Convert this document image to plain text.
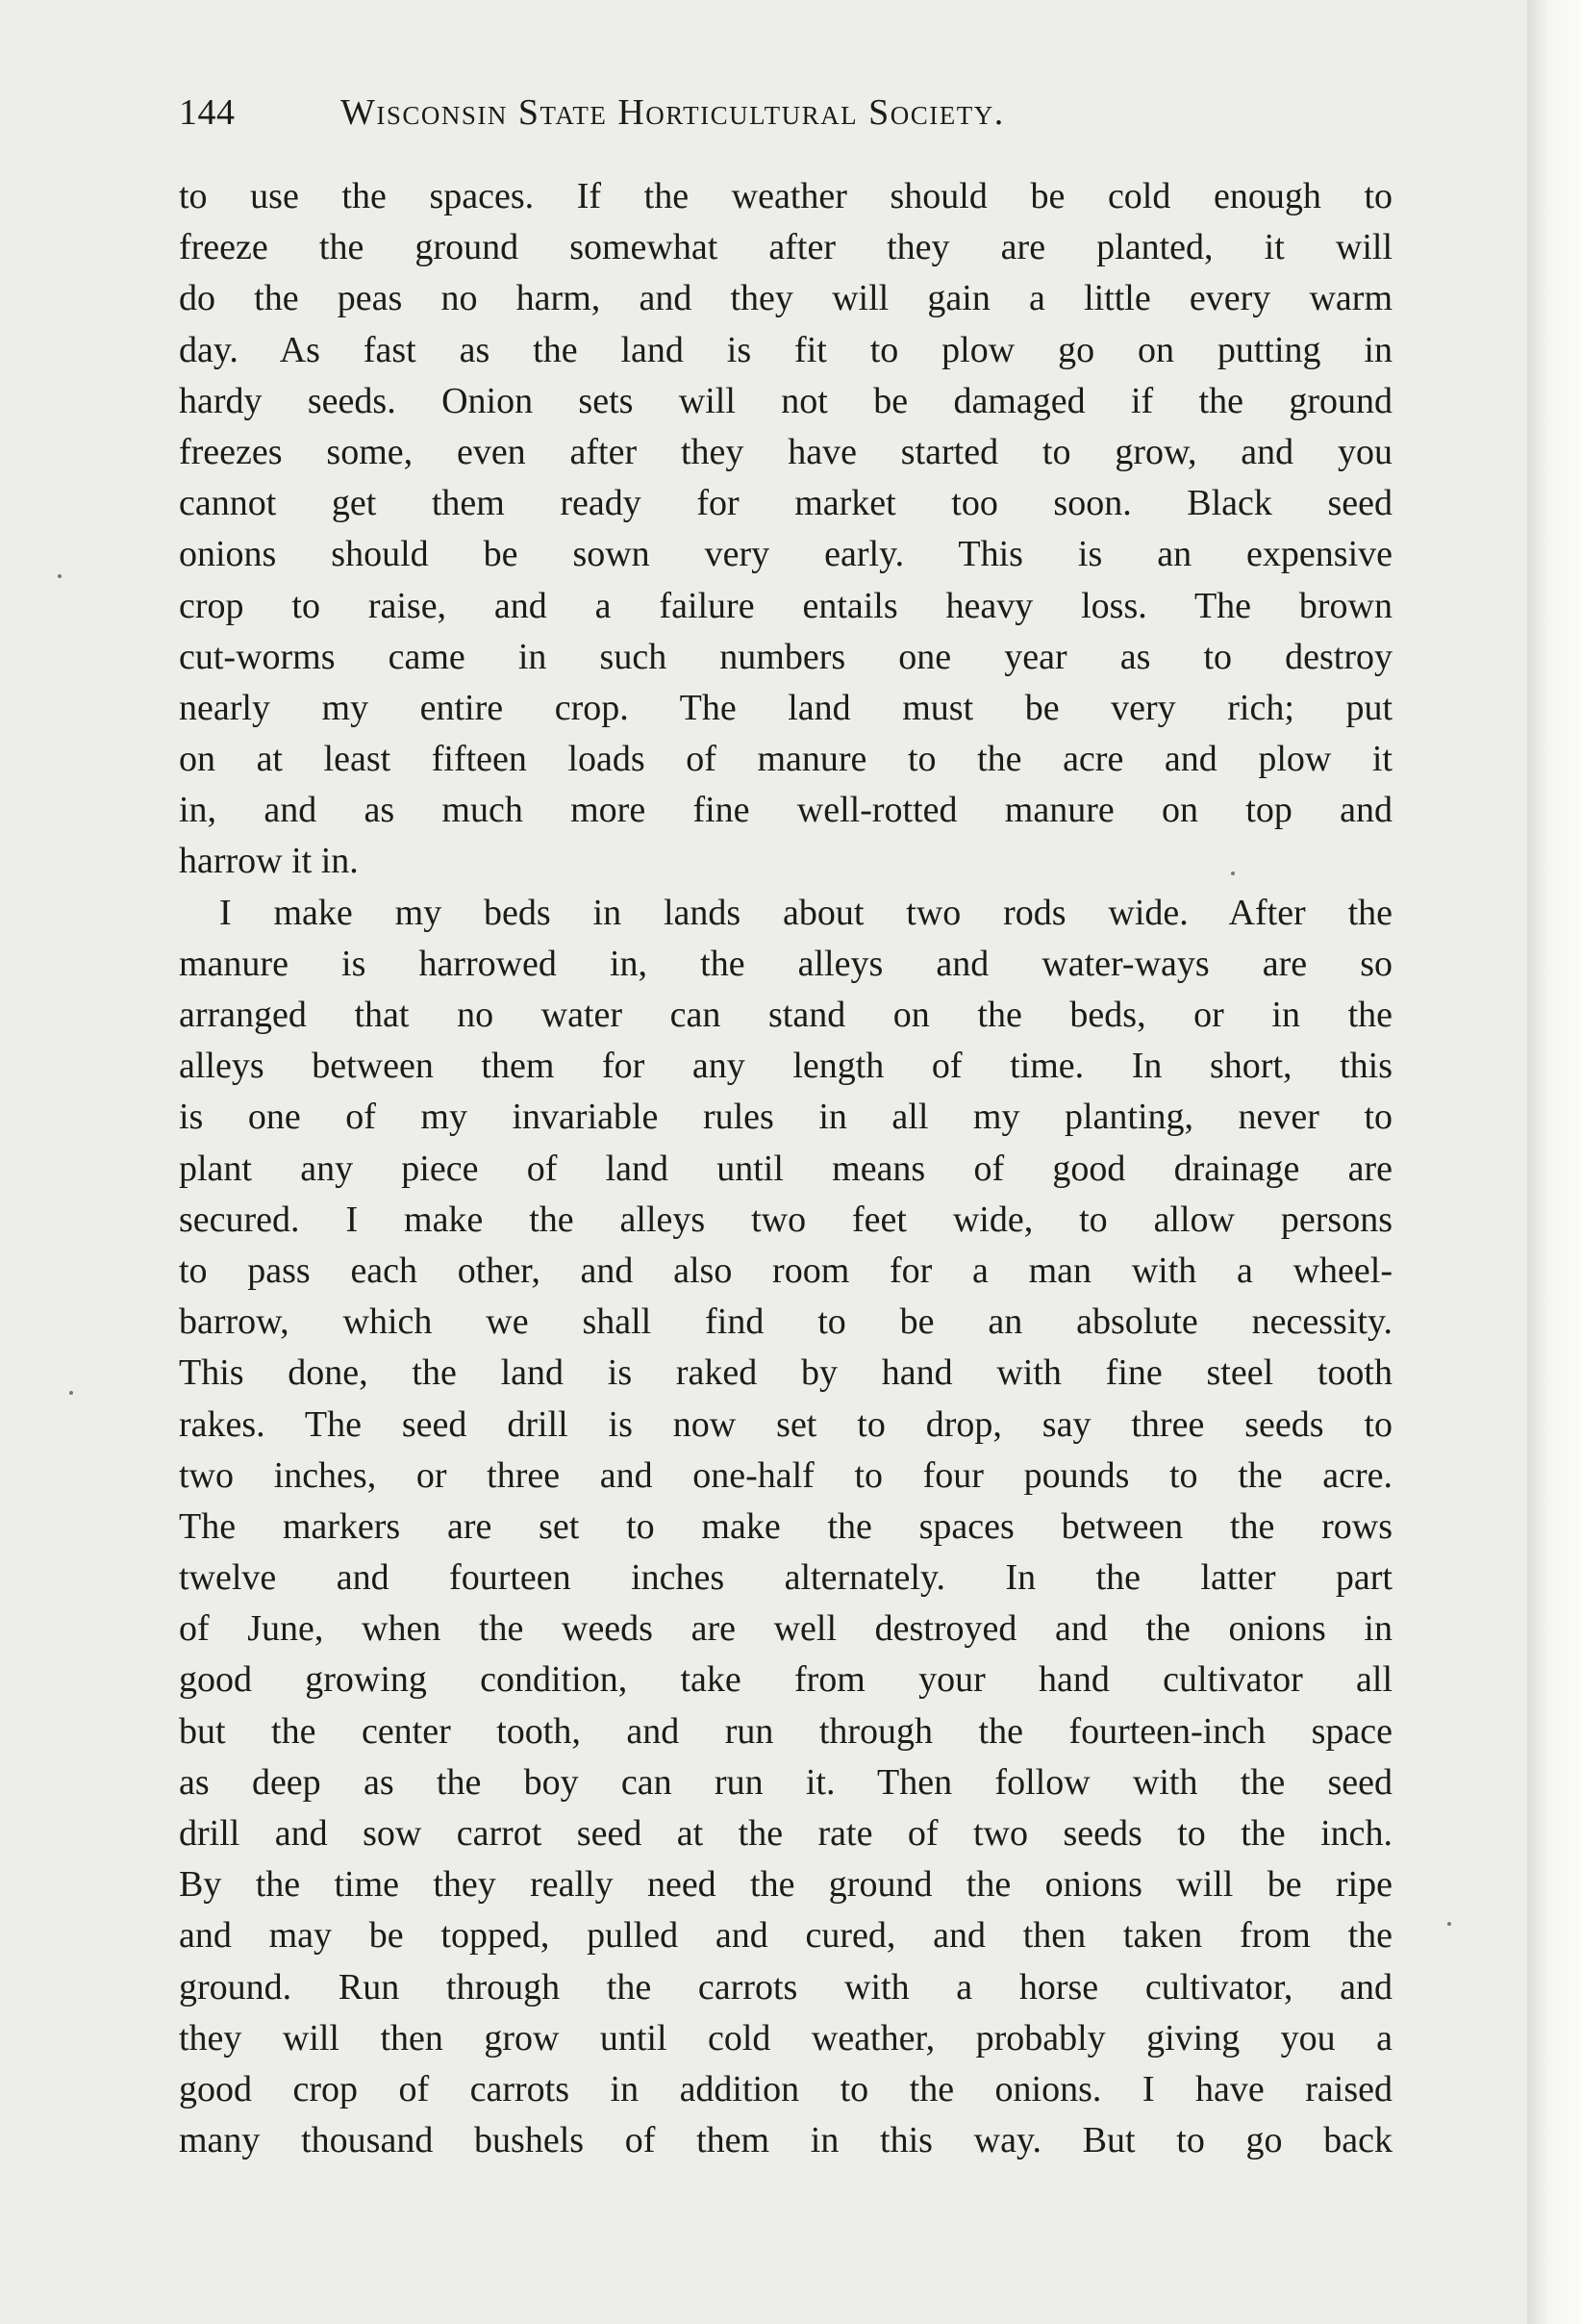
144	Wisconsin State Horticultural Society.
to use the spaces. If the weather should be cold enough to
freeze the ground somewhat after they are planted, it will
do the peas no harm, and they will gain a little every warm
day. As fast as the land is fit to plow go on putting in
hardy seeds. Onion sets will not be damaged if the ground
freezes some, even after they have started to grow, and you
cannot get them ready for market too soon. Black seed
onions should be sown very early. This is an expensive
crop to raise, and a failure entails heavy loss. The brown
cut-worms came in such numbers one year as to destroy
nearly my entire crop. The land must be very rich; put
on at least fifteen loads of manure to the acre and plow it
in, and as much more fine well-rotted manure on top and
harrow it in.
I make my beds in lands about two rods wide. After the
manure is harrowed in, the alleys and water-ways are so
arranged that no water can stand on the beds, or in the
alleys between them for any length of time. In short, this
is one of my invariable rules in all my planting, never to
plant any piece of land until means of good drainage are
secured. I make the alleys two feet wide, to allow persons
to pass each other, and also room for a man with a wheel-
barrow, which we shall find to be an absolute necessity.
This done, the land is raked by hand with fine steel tooth
rakes. The seed drill is now set to drop, say three seeds to
two inches, or three and one-half to four pounds to the acre.
The markers are set to make the spaces between the rows
twelve and fourteen inches alternately. In the latter part
of June, when the weeds are well destroyed and the onions in
good growing condition, take from your hand cultivator all
but the center tooth, and run through the fourteen-inch space
as deep as the boy can run it. Then follow with the seed
drill and sow carrot seed at the rate of two seeds to the inch.
By the time they really need the ground the onions will be ripe
and may be topped, pulled and cured, and then taken from the
ground. Run through the carrots with a horse cultivator, and
they will then grow until cold weather, probably giving you a
good crop of carrots in addition to the onions. I have raised
many thousand bushels of them in this way. But to go back
